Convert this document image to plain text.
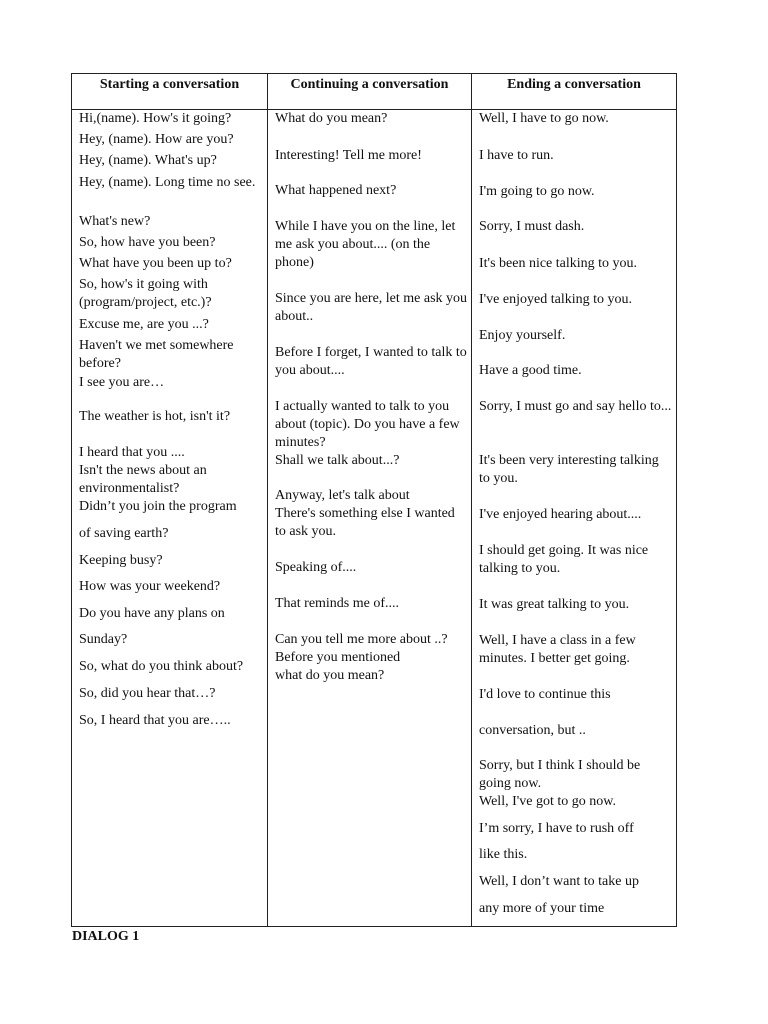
Starting a conversation	Continuing a conversation	Ending a conversation

Hi,(name). How's it going?

Hey, (name). How are you?

Hey, (name). What's up?

Hey, (name). Long time no see.

What's new?

So, how have you been?

What have you been up to?

So, how's it going with (program/project, etc.)?

Excuse me, are you ...?

Haven't we met somewhere before?

I see you are…

The weather is hot, isn't it?

I heard that you ....

Isn't the news about an environmentalist?

Didn’t you join the program

of saving earth?

Keeping busy?

How was your weekend?

Do you have any plans on

Sunday?

So, what do you think about?

So, did you hear that…?

So, I heard that you are…..

What do you mean?

Interesting! Tell me more!

What happened next?

While I have you on the line, let me ask you about.... (on the phone)

Since you are here, let me ask you about..

Before I forget, I wanted to talk to you about....

I actually wanted to talk to you about (topic). Do you have a few minutes?

Shall we talk about...?

Anyway, let's talk about

There's something else I wanted to ask you.

Speaking of....

That reminds me of....

Can you tell me more about ..?

Before you mentioned

what do you mean?

Well, I have to go now.

I have to run.

I'm going to go now.

Sorry, I must dash.

It's been nice talking to you.

I've enjoyed talking to you.

Enjoy yourself.

Have a good time.

Sorry, I must go and say hello to...

It's been very interesting talking to you.

I've enjoyed hearing about....

I should get going. It was nice talking to you.

It was great talking to you.

Well, I have a class in a few minutes. I better get going.

I'd love to continue this

conversation, but ..

Sorry, but I think I should be going now.

Well, I've got to go now.

I’m sorry, I have to rush off

like this.

Well, I don’t want to take up

any more of your time

DIALOG 1
